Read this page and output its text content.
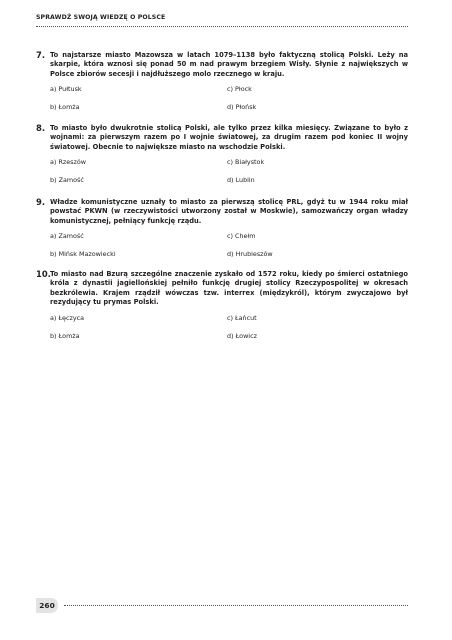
SPRAWDŹ SWOJĄ WIEDZĘ O POLSCE
7. To najstarsze miasto Mazowsza w latach 1079–1138 było faktyczną stolicą Polski. Leży na skarpie, która wznosi się ponad 50 m nad prawym brzegiem Wisły. Słynie z największych w Polsce zbiorów secesji i najdłuższego molo rzecznego w kraju.
a) Pułtusk	c) Płock
b) Łomża	d) Płońsk
8. To miasto było dwukrotnie stolicą Polski, ale tylko przez kilka miesięcy. Związane to było z wojnami: za pierwszym razem po I wojnie światowej, za drugim razem pod koniec II wojny światowej. Obecnie to największe miasto na wschodzie Polski.
a) Rzeszów	c) Białystok
b) Zamość	d) Lublin
9. Władze komunistyczne uznały to miasto za pierwszą stolicę PRL, gdyż tu w 1944 roku miał powstać PKWN (w rzeczywistości utworzony został w Moskwie), samozwańczy organ władzy komunistycznej, pełniący funkcję rządu.
a) Zamość	c) Chełm
b) Mińsk Mazowiecki	d) Hrubieszów
10. To miasto nad Bzurą szczególne znaczenie zyskało od 1572 roku, kiedy po śmierci ostatniego króla z dynastii jagiellońskiej pełniło funkcję drugiej stolicy Rzeczypospolitej w okresach bezkrólewia. Krajem rządził wówczas tzw. interrex (międzykról), którym zwyczajowo był rezydujący tu prymas Polski.
a) Łęczyca	c) Łańcut
b) Łomża	d) Łowicz
260
